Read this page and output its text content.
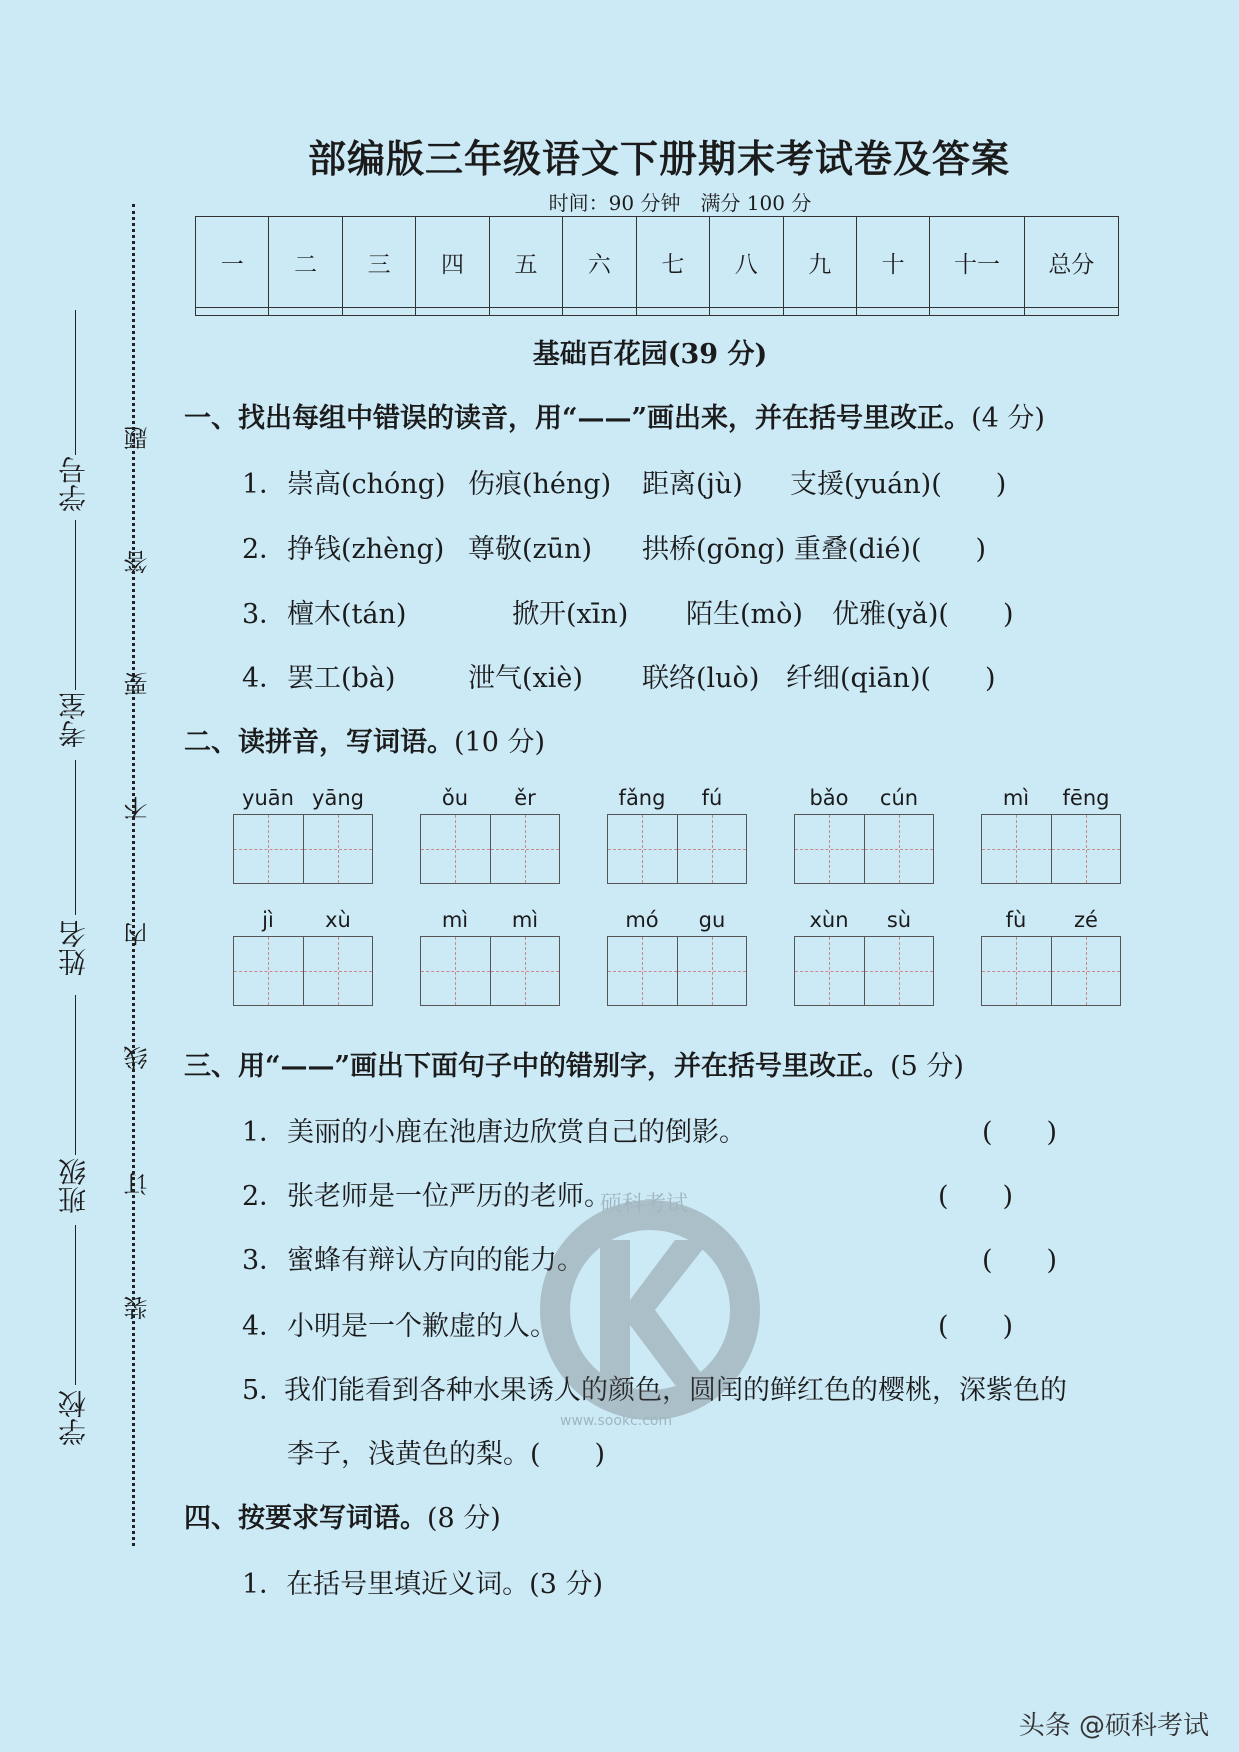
部编版三年级语文下册期末考试卷及答案
时间：90 分钟　满分 100 分
一	二	三	四	五	六	七	八	九	十	十一	总分

题
答
要
不
内
线
订
装
学号
考室
姓名
班级
学校
基础百花园(39 分)
一、找出每组中错误的读音，用“——”画出来，并在括号里改正。(4 分)
1． 崇高(chóng) 伤痕(héng) 距离(jù) 支援(yuán)(　　)
2． 挣钱(zhèng) 尊敬(zūn) 拱桥(gōng) 重叠(dié)(　　)
3． 檀木(tán)	掀开(xīn) 陌生(mò) 优雅(yǎ)(　　)
4． 罢工(bà)	泄气(xiè) 联络(luò) 纤细(qiān)(　　)
二、读拼音，写词语。(10 分)
yuān yāng	ǒu	ěr	fǎng	fú	bǎo	cún	mì	fēng
jì	xù	mì	mì	mó	gu	xùn	sù	fù	zé
三、用“——”画出下面句子中的错别字，并在括号里改正。(5 分)
1． 美丽的小鹿在池唐边欣赏自己的倒影。	(　　)
2． 张老师是一位严历的老师。	(　　)
3． 蜜蜂有辩认方向的能力。	(　　)
4． 小明是一个歉虚的人。	(　　)
5．
我们能看到各种水果诱人的颜色，圆闰的鲜红色的樱桃，深紫色的
李子，浅黄色的梨。(　　)
四、按要求写词语。(8 分)
1．在括号里填近义词。(3 分)
硕科考试
www.sookc.com
头条 @硕科考试
